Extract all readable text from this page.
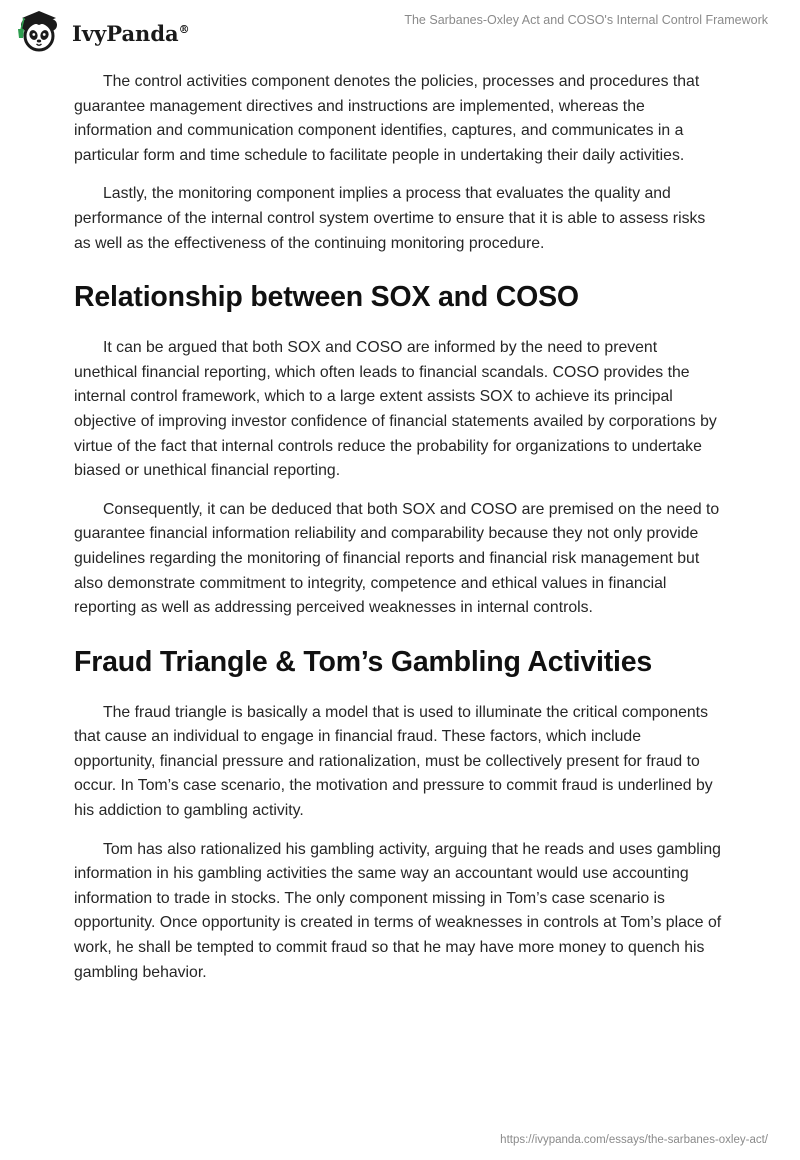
IvyPanda®
The Sarbanes-Oxley Act and COSO's Internal Control Framework

The control activities component denotes the policies, processes and procedures that guarantee management directives and instructions are implemented, whereas the information and communication component identifies, captures, and communicates in a particular form and time schedule to facilitate people in undertaking their daily activities.

Lastly, the monitoring component implies a process that evaluates the quality and performance of the internal control system overtime to ensure that it is able to assess risks as well as the effectiveness of the continuing monitoring procedure.

Relationship between SOX and COSO

It can be argued that both SOX and COSO are informed by the need to prevent unethical financial reporting, which often leads to financial scandals. COSO provides the internal control framework, which to a large extent assists SOX to achieve its principal objective of improving investor confidence of financial statements availed by corporations by virtue of the fact that internal controls reduce the probability for organizations to undertake biased or unethical financial reporting.

Consequently, it can be deduced that both SOX and COSO are premised on the need to guarantee financial information reliability and comparability because they not only provide guidelines regarding the monitoring of financial reports and financial risk management but also demonstrate commitment to integrity, competence and ethical values in financial reporting as well as addressing perceived weaknesses in internal controls.

Fraud Triangle & Tom’s Gambling Activities

The fraud triangle is basically a model that is used to illuminate the critical components that cause an individual to engage in financial fraud. These factors, which include opportunity, financial pressure and rationalization, must be collectively present for fraud to occur. In Tom’s case scenario, the motivation and pressure to commit fraud is underlined by his addiction to gambling activity.

Tom has also rationalized his gambling activity, arguing that he reads and uses gambling information in his gambling activities the same way an accountant would use accounting information to trade in stocks. The only component missing in Tom’s case scenario is opportunity. Once opportunity is created in terms of weaknesses in controls at Tom’s place of work, he shall be tempted to commit fraud so that he may have more money to quench his gambling behavior.

https://ivypanda.com/essays/the-sarbanes-oxley-act/
